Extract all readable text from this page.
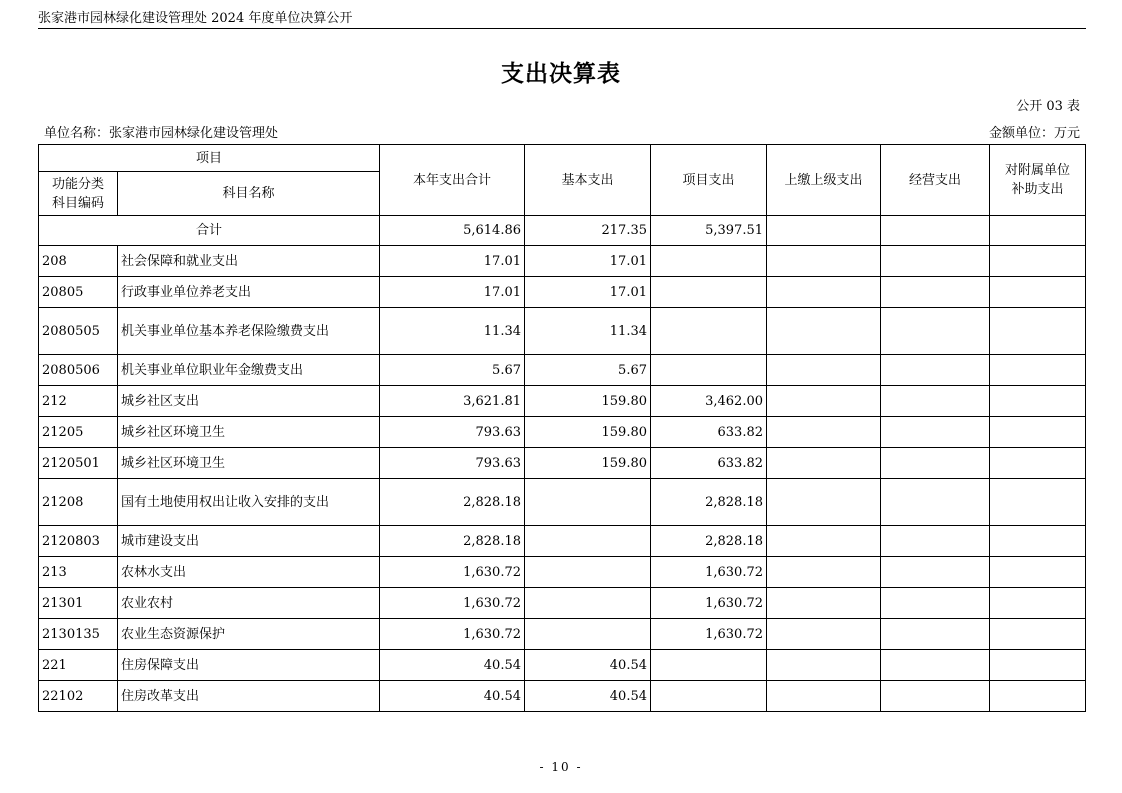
张家港市园林绿化建设管理处 2024 年度单位决算公开
支出决算表
公开 03 表
单位名称：张家港市园林绿化建设管理处	金额单位：万元
项目		本年支出合计	基本支出	项目支出	上缴上级支出	经营支出	对附属单位
补助支出
功能分类
科目编码	科目名称						
合计		5,614.86	217.35	5,397.51			
208	社会保障和就业支出	17.01	17.01				
20805	行政事业单位养老支出	17.01	17.01				
2080505	机关事业单位基本养老保险缴费支出	11.34	11.34				
2080506	机关事业单位职业年金缴费支出	5.67	5.67				
212	城乡社区支出	3,621.81	159.80	3,462.00			
21205	城乡社区环境卫生	793.63	159.80	633.82			
2120501	城乡社区环境卫生	793.63	159.80	633.82			
21208	国有土地使用权出让收入安排的支出	2,828.18		2,828.18			
2120803	城市建设支出	2,828.18		2,828.18			
213	农林水支出	1,630.72		1,630.72			
21301	农业农村	1,630.72		1,630.72			
2130135	农业生态资源保护	1,630.72		1,630.72			
221	住房保障支出	40.54	40.54				
22102	住房改革支出	40.54	40.54				
- 10 -
